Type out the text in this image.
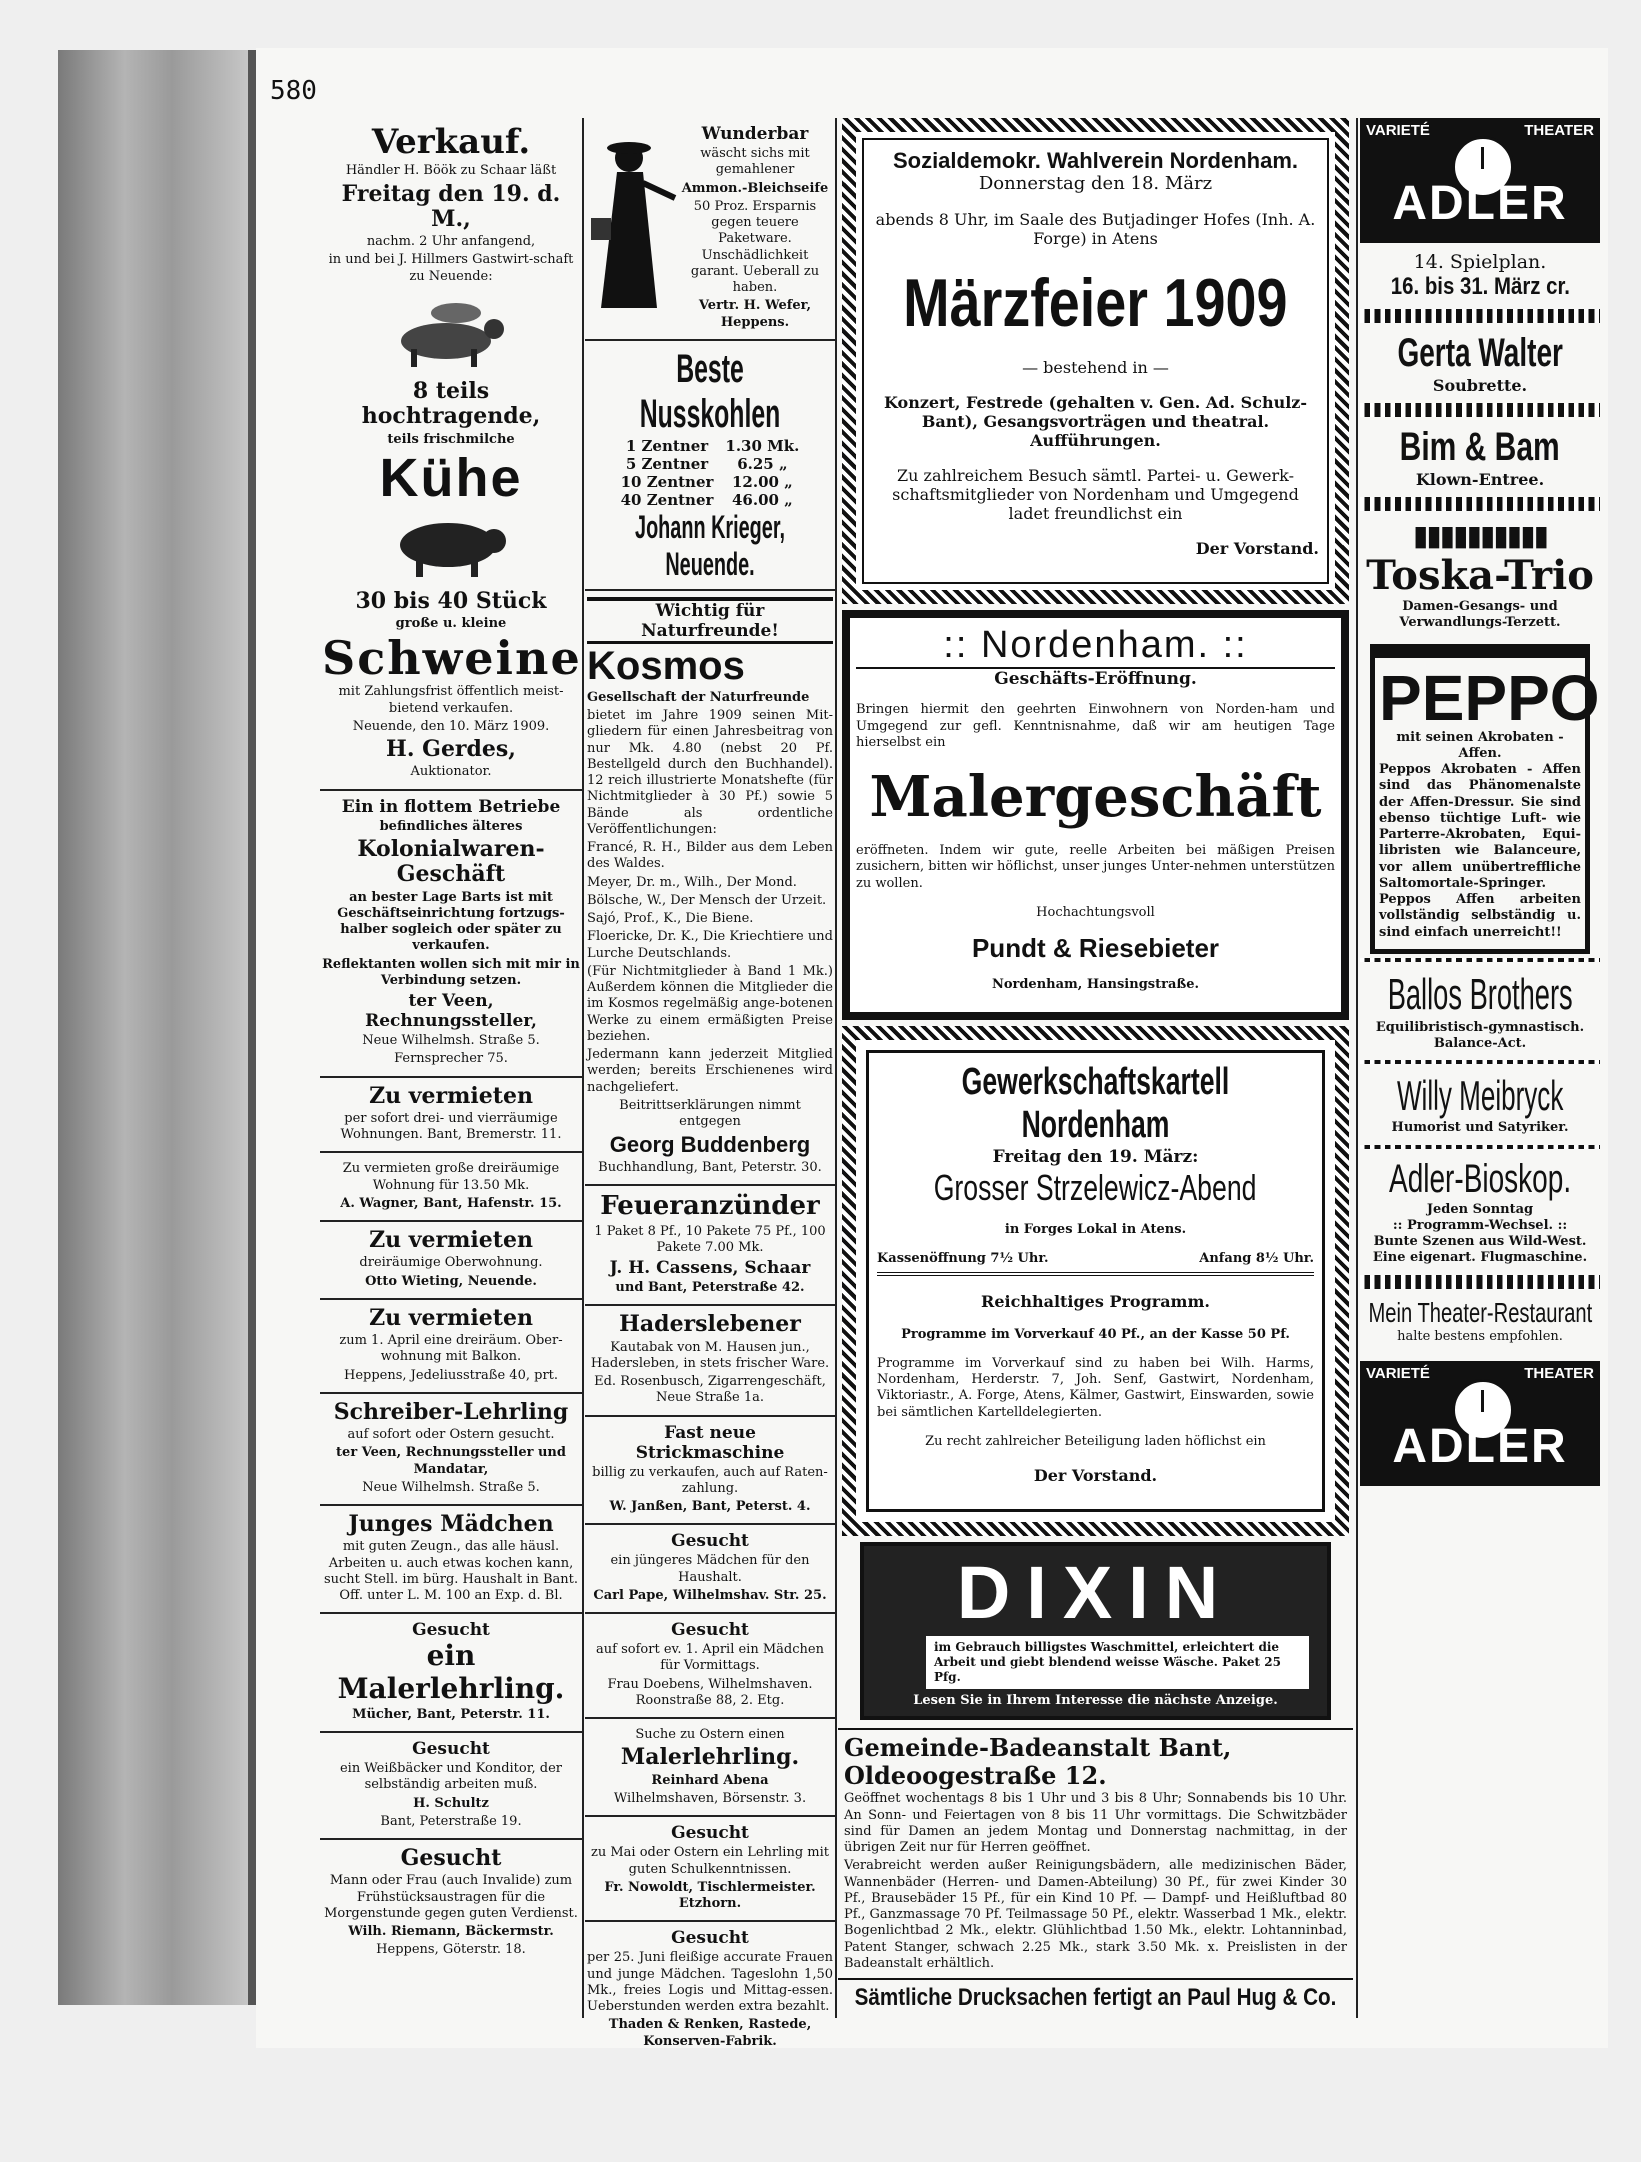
580
Verkauf.

Händler H. Böök zu Schaar läßt

Freitag den 19. d. M.,

nachm. 2 Uhr anfangend,

in und bei J. Hillmers Gastwirt-schaft zu Neuende:

8 teils hochtragende,

teils frischmilche

Kühe
30 bis 40 Stück

große u. kleine

Schweine

mit Zahlungsfrist öffentlich meist-bietend verkaufen.

Neuende, den 10. März 1909.

H. Gerdes,

Auktionator.

Ein in flottem Betriebe

befindliches älteres

Kolonialwaren-Geschäft

an bester Lage Barts ist mit Geschäftseinrichtung fortzugs-halber sogleich oder später zu verkaufen.

Reflektanten wollen sich mit mir in Verbindung setzen.

ter Veen, Rechnungssteller,

Neue Wilhelmsh. Straße 5.

Fernsprecher 75.

Zu vermieten

per sofort drei- und vierräumige Wohnungen. Bant, Bremerstr. 11.

Zu vermieten große dreiräumige Wohnung für 13.50 Mk.

A. Wagner, Bant, Hafenstr. 15.

Zu vermieten

dreiräumige Oberwohnung.

Otto Wieting, Neuende.

Zu vermieten

zum 1. April eine dreiräum. Ober-wohnung mit Balkon.

Heppens, Jedeliusstraße 40, prt.

Schreiber-Lehrling

auf sofort oder Ostern gesucht.

ter Veen, Rechnungssteller und Mandatar,

Neue Wilhelmsh. Straße 5.

Junges Mädchen

mit guten Zeugn., das alle häusl. Arbeiten u. auch etwas kochen kann, sucht Stell. im bürg. Haushalt in Bant. Off. unter L. M. 100 an Exp. d. Bl.

Gesucht
ein Malerlehrling.

Mücher, Bant, Peterstr. 11.

Gesucht

ein Weißbäcker und Konditor, der selbständig arbeiten muß.

H. Schultz

Bant, Peterstraße 19.

Gesucht

Mann oder Frau (auch Invalide) zum Frühstücksaustragen für die Morgenstunde gegen guten Verdienst.

Wilh. Riemann, Bäckermstr.

Heppens, Göterstr. 18.

Wunderbar

wäscht sichs mit gemahlener

Ammon.-Bleichseife

50 Proz. Ersparnis gegen teuere Paketware. Unschädlichkeit garant. Ueberall zu haben.

Vertr. H. Wefer, Heppens.

Beste Nusskohlen
1 Zentner	1.30 Mk.
5 Zentner	6.25 „
10 Zentner	12.00 „
40 Zentner	46.00 „
Johann Krieger, Neuende.
Wichtig für Naturfreunde!
Kosmos

Gesellschaft der Naturfreunde

bietet im Jahre 1909 seinen Mit-gliedern für einen Jahresbeitrag von nur Mk. 4.80 (nebst 20 Pf. Bestellgeld durch den Buchhandel). 12 reich illustrierte Monatshefte (für Nichtmitglieder à 30 Pf.) sowie 5 Bände als ordentliche Veröffentlichungen:

Francé, R. H., Bilder aus dem Leben des Waldes.

Meyer, Dr. m., Wilh., Der Mond.

Bölsche, W., Der Mensch der Urzeit.

Sajó, Prof., K., Die Biene.

Floericke, Dr. K., Die Kriechtiere und Lurche Deutschlands.

(Für Nichtmitglieder à Band 1 Mk.) Außerdem können die Mitglieder die im Kosmos regelmäßig ange-botenen Werke zu einem ermäßigten Preise beziehen.

Jedermann kann jederzeit Mitglied werden; bereits Erschienenes wird nachgeliefert.

Beitrittserklärungen nimmt entgegen

Georg Buddenberg

Buchhandlung, Bant, Peterstr. 30.

Feueranzünder

1 Paket 8 Pf., 10 Pakete 75 Pf., 100 Pakete 7.00 Mk.

J. H. Cassens, Schaar

und Bant, Peterstraße 42.

Haderslebener

Kautabak von M. Hausen jun., Hadersleben, in stets frischer Ware.

Ed. Rosenbusch, Zigarrengeschäft, Neue Straße 1a.

Fast neue Strickmaschine

billig zu verkaufen, auch auf Raten-zahlung.

W. Janßen, Bant, Peterst. 4.

Gesucht

ein jüngeres Mädchen für den Haushalt.

Carl Pape, Wilhelmshav. Str. 25.

Gesucht

auf sofort ev. 1. April ein Mädchen für Vormittags.

Frau Doebens, Wilhelmshaven. Roonstraße 88, 2. Etg.

Suche zu Ostern einen

Malerlehrling.

Reinhard Abena

Wilhelmshaven, Börsenstr. 3.

Gesucht

zu Mai oder Ostern ein Lehrling mit guten Schulkenntnissen.

Fr. Nowoldt, Tischlermeister. Etzhorn.

Gesucht

per 25. Juni fleißige accurate Frauen und junge Mädchen. Tageslohn 1,50 Mk., freies Logis und Mittag-essen. Ueberstunden werden extra bezahlt.

Thaden & Renken, Rastede, Konserven-Fabrik.

Sozialdemokr. Wahlverein Nordenham.
Donnerstag den 18. März

abends 8 Uhr, im Saale des Butjadinger Hofes (Inh. A. Forge) in Atens

Märzfeier 1909

— bestehend in —

Konzert, Festrede (gehalten v. Gen. Ad. Schulz-Bant), Gesangsvorträgen und theatral. Aufführungen.

Zu zahlreichem Besuch sämtl. Partei- u. Gewerk-schaftsmitglieder von Nordenham und Umgegend ladet freundlichst ein

Der Vorstand.

:: Nordenham. ::
Geschäfts-Eröffnung.

Bringen hiermit den geehrten Einwohnern von Norden-ham und Umgegend zur gefl. Kenntnisnahme, daß wir am heutigen Tage hierselbst ein

Malergeschäft

eröffneten. Indem wir gute, reelle Arbeiten bei mäßigen Preisen zusichern, bitten wir höflichst, unser junges Unter-nehmen unterstützen zu wollen.

Hochachtungsvoll

Pundt & Riesebieter

Nordenham, Hansingstraße.

Gewerkschaftskartell Nordenham
Freitag den 19. März:
Grosser Strzelewicz-Abend

in Forges Lokal in Atens.

Kassenöffnung 7½ Uhr.	Anfang 8½ Uhr.

Reichhaltiges Programm.

Programme im Vorverkauf 40 Pf., an der Kasse 50 Pf.

Programme im Vorverkauf sind zu haben bei Wilh. Harms, Nordenham, Herderstr. 7, Joh. Senf, Gastwirt, Nordenham, Viktoriastr., A. Forge, Atens, Kälmer, Gastwirt, Einswarden, sowie bei sämtlichen Kartelldelegierten.

Zu recht zahlreicher Beteiligung laden höflichst ein

Der Vorstand.

DIXIN
im Gebrauch billigstes Waschmittel, erleichtert die Arbeit und giebt blendend weisse Wäsche. Paket 25 Pfg.
Lesen Sie in Ihrem Interesse die nächste Anzeige.
Gemeinde-Badeanstalt Bant, Oldeoogestraße 12.

Geöffnet wochentags 8 bis 1 Uhr und 3 bis 8 Uhr; Sonnabends bis 10 Uhr. An Sonn- und Feiertagen von 8 bis 11 Uhr vormittags. Die Schwitzbäder sind für Damen an jedem Montag und Donnerstag nachmittag, in der übrigen Zeit nur für Herren geöffnet.

Verabreicht werden außer Reinigungsbädern, alle medizinischen Bäder, Wannenbäder (Herren- und Damen-Abteilung) 30 Pf., für zwei Kinder 30 Pf., Brausebäder 15 Pf., für ein Kind 10 Pf. — Dampf- und Heißluftbad 80 Pf., Ganzmassage 70 Pf. Teilmassage 50 Pf., elektr. Wasserbad 1 Mk., elektr. Bogenlichtbad 2 Mk., elektr. Glühlichtbad 1.50 Mk., elektr. Lohtanninbad, Patent Stanger, schwach 2.25 Mk., stark 3.50 Mk. x. Preislisten in der Badeanstalt erhältlich.

Sämtliche Drucksachen fertigt an Paul Hug & Co.
VARIETÉ	THEATER
ADLER
14. Spielplan.
16. bis 31. März cr.
Gerta Walter
Soubrette.
Bim & Bam
Klown-Entree.
▮▮▮▮▮▮▮▮▮▮
Toska-Trio
Damen-Gesangs- und Verwandlungs-Terzett.
PEPPO
mit seinen Akrobaten - Affen.
Peppos Akrobaten - Affen sind das Phänomenalste der Affen-Dressur. Sie sind ebenso tüchtige Luft- wie Parterre-Akrobaten, Equi-libristen wie Balanceure, vor allem unübertreffliche Saltomortale-Springer. Peppos Affen arbeiten vollständig selbständig u. sind einfach unerreicht!!
Ballos Brothers
Equilibristisch-gymnastisch. Balance-Act.
Willy Meibryck
Humorist und Satyriker.
Adler-Bioskop.
Jeden Sonntag
:: Programm-Wechsel. ::
Bunte Szenen aus Wild-West. Eine eigenart. Flugmaschine.
Mein Theater-Restaurant
halte bestens empfohlen.
VARIETÉ	THEATER
ADLER
